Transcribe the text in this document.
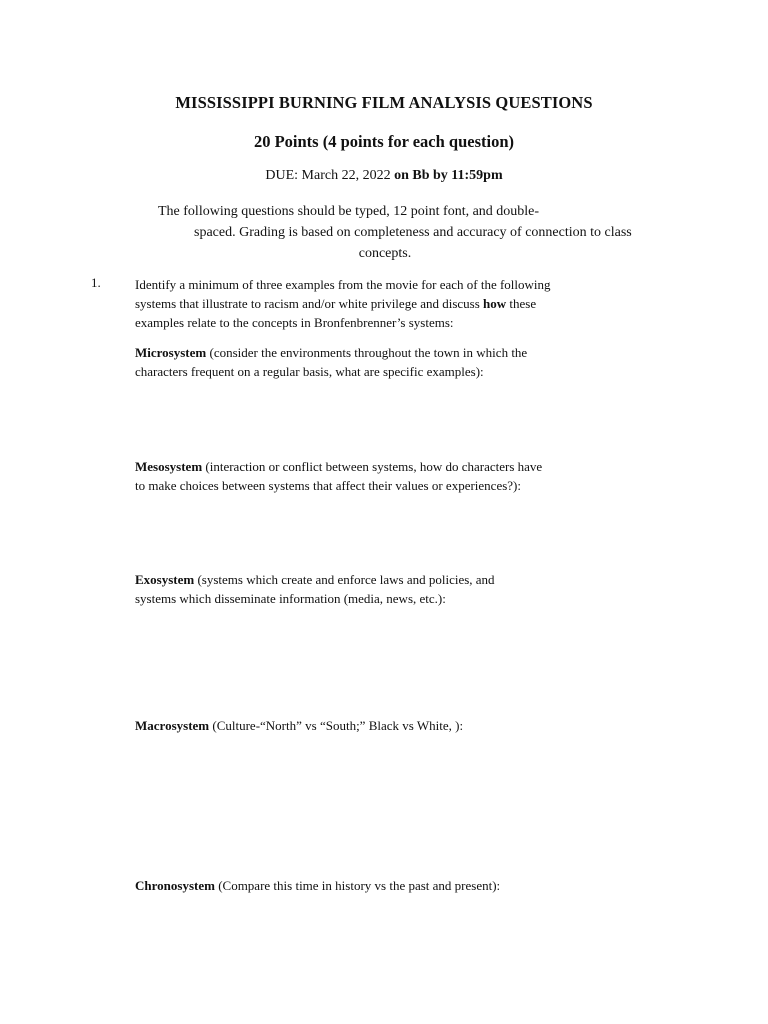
MISSISSIPPI BURNING FILM ANALYSIS QUESTIONS
20 Points (4 points for each question)
DUE: March 22, 2022 on Bb by 11:59pm
The following questions should be typed, 12 point font, and double-
spaced. Grading is based on completeness and accuracy of connection to class
concepts.
1.	Identify a minimum of three examples from the movie for each of the following
systems that illustrate to racism and/or white privilege and discuss how these
examples relate to the concepts in Bronfenbrenner’s systems:
Microsystem (consider the environments throughout the town in which the
characters frequent on a regular basis, what are specific examples):
Mesosystem (interaction or conflict between systems, how do characters have
to make choices between systems that affect their values or experiences?):
Exosystem (systems which create and enforce laws and policies, and
systems which disseminate information (media, news, etc.):
Macrosystem (Culture-“North” vs “South;” Black vs White, ):
Chronosystem (Compare this time in history vs the past and present):
